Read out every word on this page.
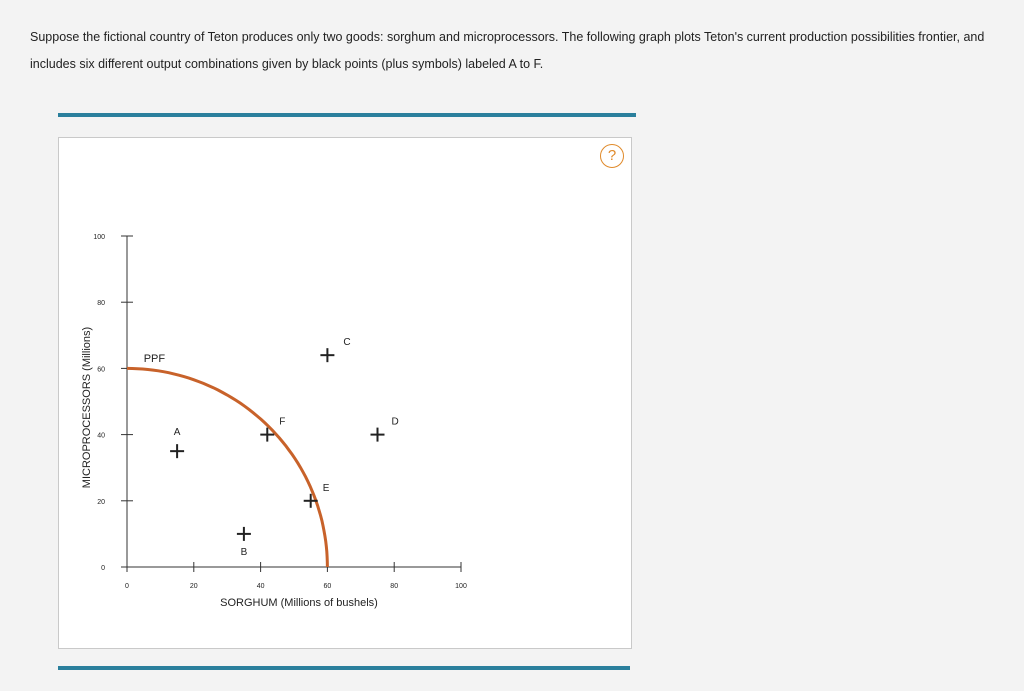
Suppose the fictional country of Teton produces only two goods: sorghum and microprocessors. The following graph plots Teton's current production possibilities frontier, and includes six different output combinations given by black points (plus symbols) labeled A to F.
?
0
20
40
60
80
100
0	20	40	60	80	100
PPF
A
B
C
D
E
F
SORGHUM (Millions of bushels)
MICROPROCESSORS (Millions)
